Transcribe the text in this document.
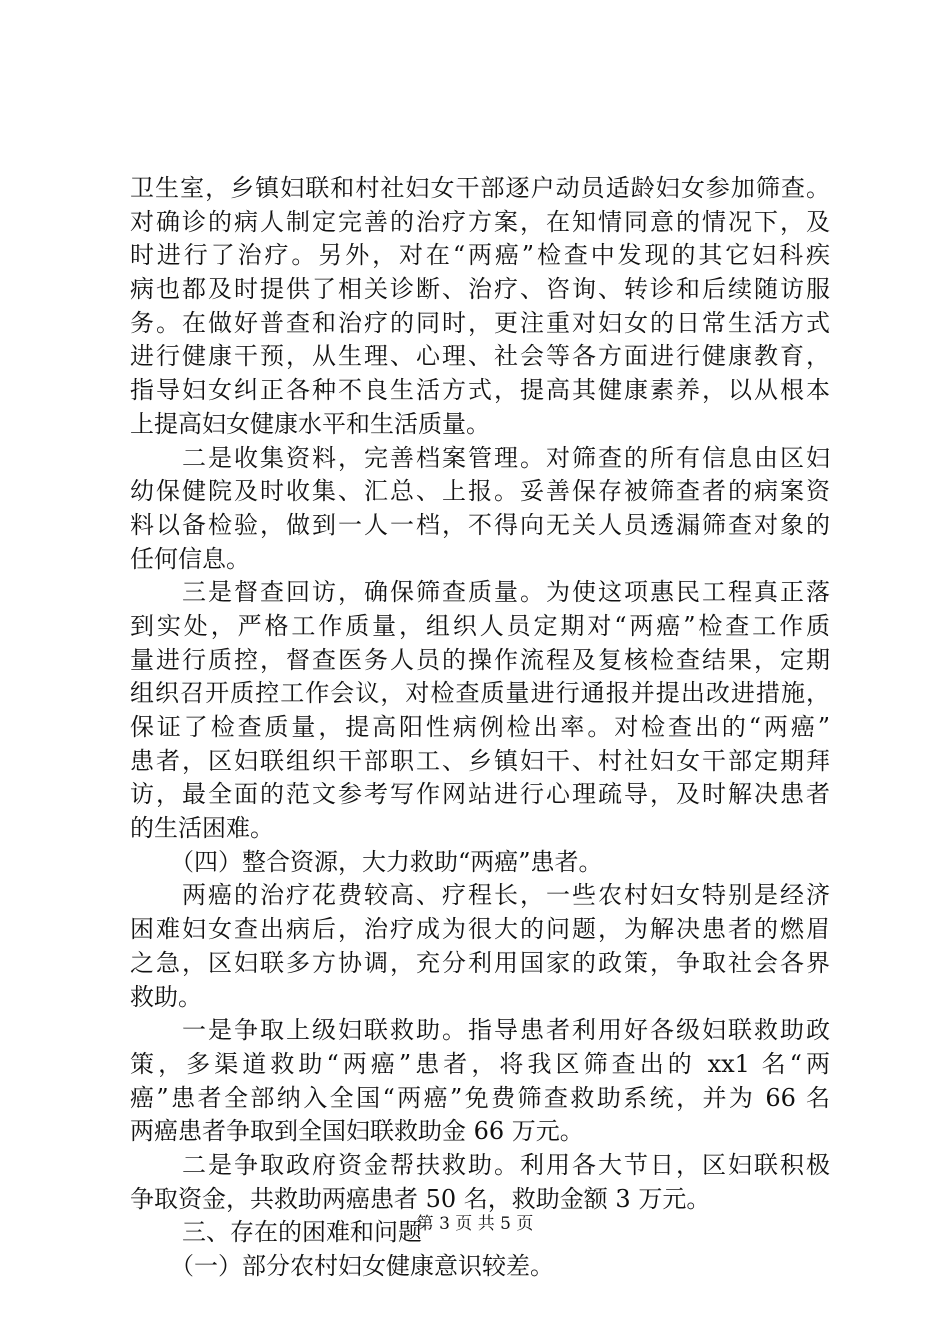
卫生室，乡镇妇联和村社妇女干部逐户动员适龄妇女参加筛查。
对确诊的病人制定完善的治疗方案，在知情同意的情况下，及
时进行了治疗。另外，对在“两癌”检查中发现的其它妇科疾
病也都及时提供了相关诊断、治疗、咨询、转诊和后续随访服
务。在做好普查和治疗的同时，更注重对妇女的日常生活方式
进行健康干预，从生理、心理、社会等各方面进行健康教育，
指导妇女纠正各种不良生活方式，提高其健康素养，以从根本
上提高妇女健康水平和生活质量。
二是收集资料，完善档案管理。对筛查的所有信息由区妇
幼保健院及时收集、汇总、上报。妥善保存被筛查者的病案资
料以备检验，做到一人一档，不得向无关人员透漏筛查对象的
任何信息。
三是督查回访，确保筛查质量。为使这项惠民工程真正落
到实处，严格工作质量，组织人员定期对“两癌”检查工作质
量进行质控，督查医务人员的操作流程及复核检查结果，定期
组织召开质控工作会议，对检查质量进行通报并提出改进措施，
保证了检查质量，提高阳性病例检出率。对检查出的“两癌”
患者，区妇联组织干部职工、乡镇妇干、村社妇女干部定期拜
访，最全面的范文参考写作网站进行心理疏导，及时解决患者
的生活困难。
（四）整合资源，大力救助“两癌”患者。
两癌的治疗花费较高、疗程长，一些农村妇女特别是经济
困难妇女查出病后，治疗成为很大的问题，为解决患者的燃眉
之急，区妇联多方协调，充分利用国家的政策，争取社会各界
救助。
一是争取上级妇联救助。指导患者利用好各级妇联救助政
策，多渠道救助“两癌”患者，将我区筛查出的 xx1 名“两
癌”患者全部纳入全国“两癌”免费筛查救助系统，并为 66 名
两癌患者争取到全国妇联救助金 66 万元。
二是争取政府资金帮扶救助。利用各大节日，区妇联积极
争取资金，共救助两癌患者 50 名，救助金额 3 万元。
三、存在的困难和问题
（一）部分农村妇女健康意识较差。
第 3 页 共 5 页
